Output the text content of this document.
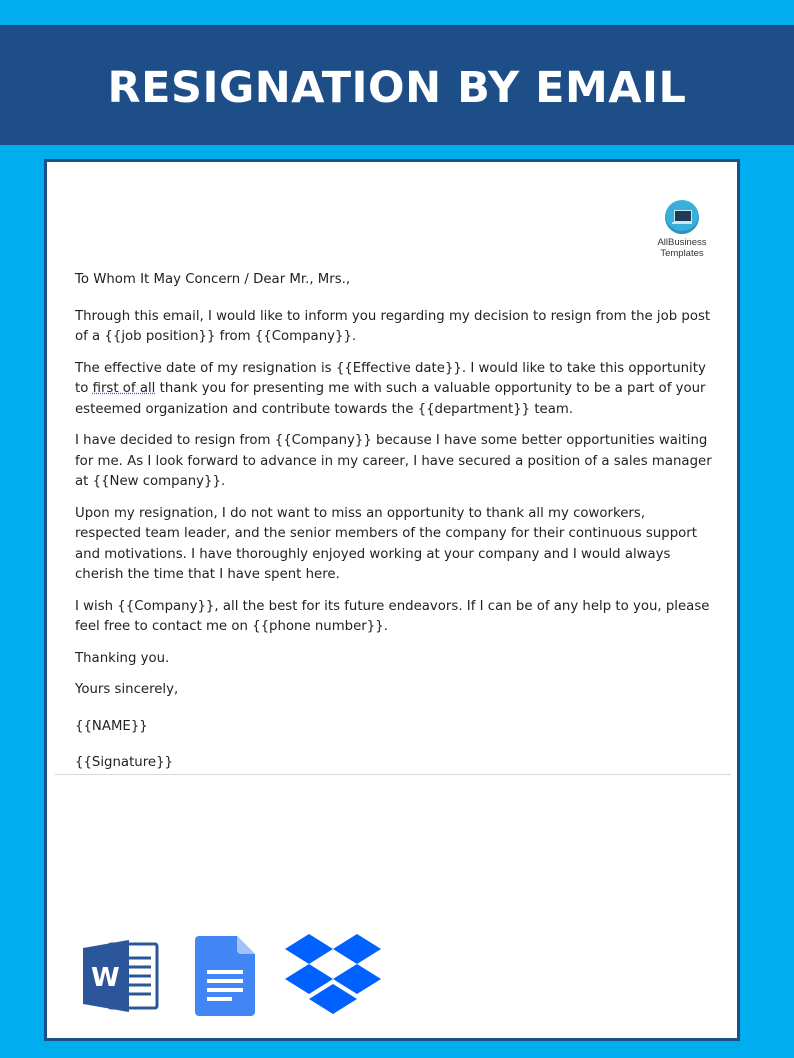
RESIGNATION BY EMAIL
AllBusiness
Templates

To Whom It May Concern / Dear Mr., Mrs.,

Through this email, I would like to inform you regarding my decision to resign from the job post of a {{job position}} from {{Company}}.

The effective date of my resignation is {{Effective date}}. I would like to take this opportunity to first of all thank you for presenting me with such a valuable opportunity to be a part of your esteemed organization and contribute towards the {{department}} team.

I have decided to resign from {{Company}} because I have some better opportunities waiting for me. As I look forward to advance in my career, I have secured a position of a sales manager at {{New company}}.

Upon my resignation, I do not want to miss an opportunity to thank all my coworkers, respected team leader, and the senior members of the company for their continuous support and motivations. I have thoroughly enjoyed working at your company and I would always cherish the time that I have spent here.

I wish {{Company}}, all the best for its future endeavors. If I can be of any help to you, please feel free to contact me on {{phone number}}.

Thanking you.

Yours sincerely,

{{NAME}}

{{Signature}}

W
